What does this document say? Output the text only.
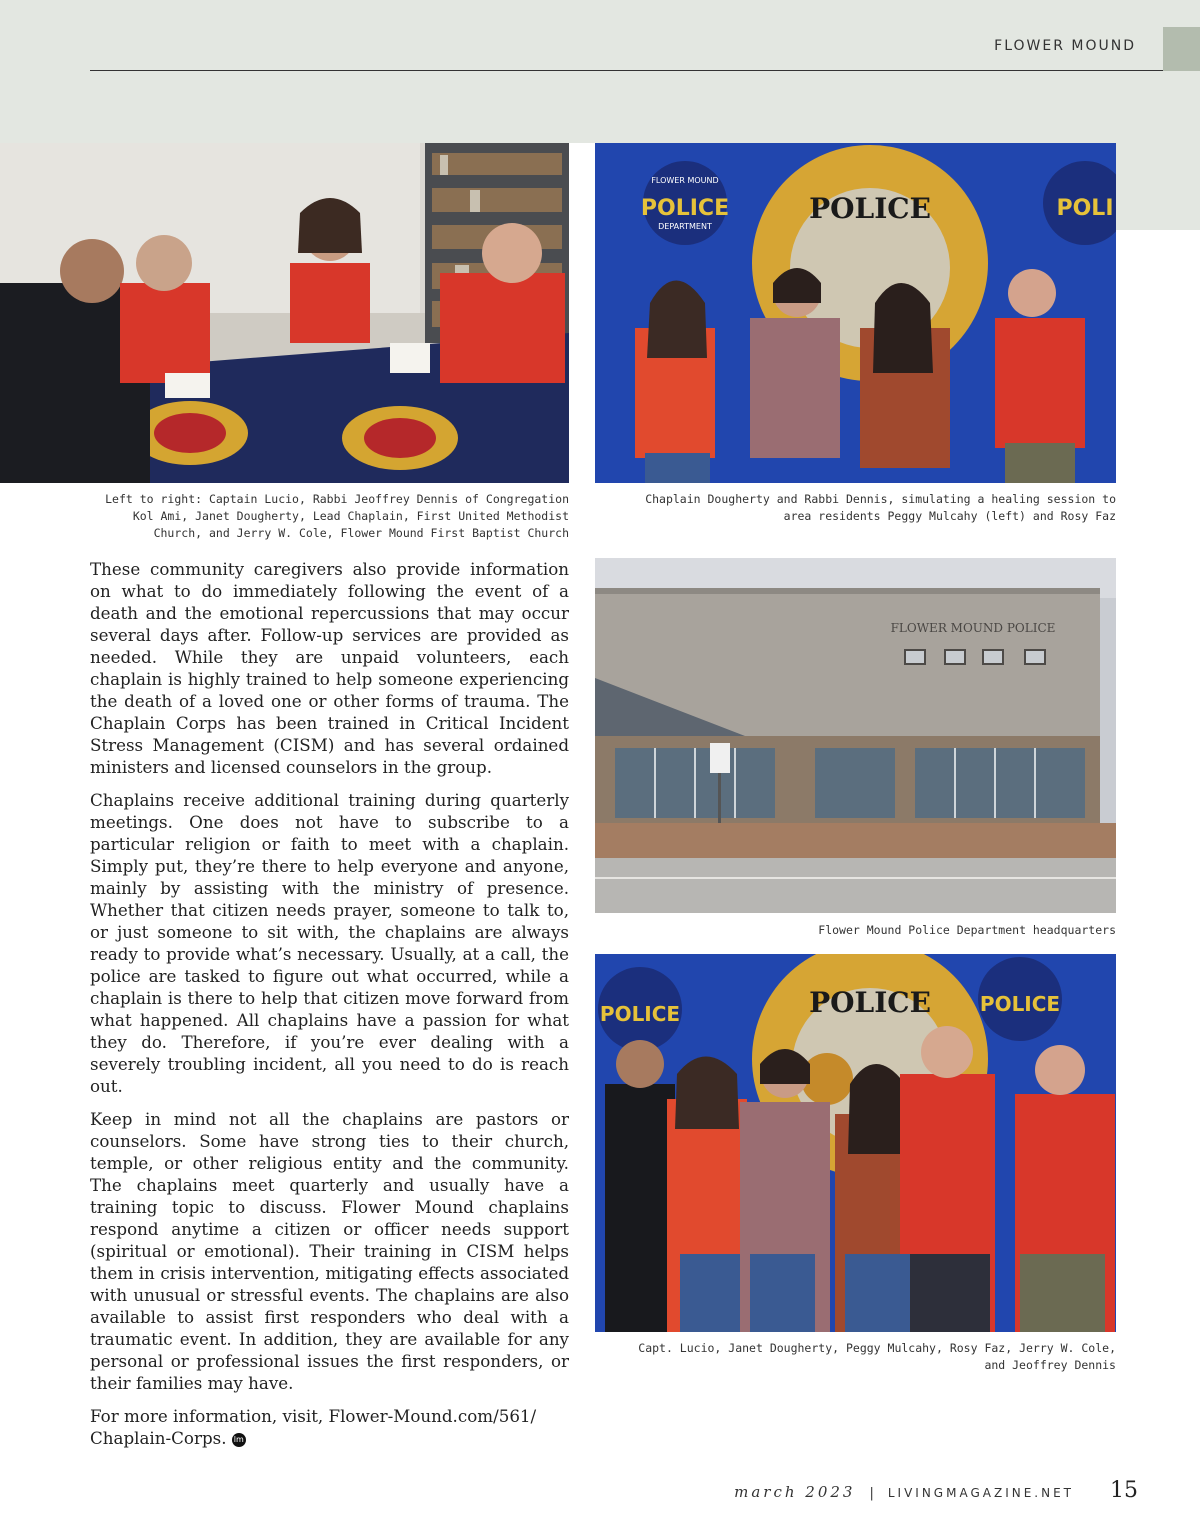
FLOWER MOUND
Left to right: Captain Lucio, Rabbi Jeoffrey Dennis of Congregation Kol Ami, Janet Dougherty, Lead Chaplain, First United Methodist Church, and Jerry W. Cole, Flower Mound First Baptist Church
POLICE
FLOWER MOUND
POLICE
DEPARTMENT
POLI
Chaplain Dougherty and Rabbi Dennis, simulating a healing session to area residents Peggy Mulcahy (left) and Rosy Faz
FLOWER MOUND POLICE
Flower Mound Police Department headquarters
POLICE
POLICE	POLICE
Capt. Lucio, Janet Dougherty, Peggy Mulcahy, Rosy Faz, Jerry W. Cole, and Jeoffrey Dennis

These community caregivers also provide information on what to do immediately following the event of a death and the emotional repercussions that may occur several days after. Follow-up services are provided as needed. While they are unpaid volunteers, each chaplain is highly trained to help someone experiencing the death of a loved one or other forms of trauma. The Chaplain Corps has been trained in Critical Incident Stress Management (CISM) and has several ordained ministers and licensed counselors in the group.

Chaplains receive additional training during quarterly meetings. One does not have to subscribe to a particular religion or faith to meet with a chaplain. Simply put, they’re there to help everyone and anyone, mainly by assisting with the ministry of presence. Whether that citizen needs prayer, someone to talk to, or just someone to sit with, the chaplains are always ready to provide what’s necessary. Usually, at a call, the police are tasked to figure out what occurred, while a chaplain is there to help that citizen move forward from what happened. All chaplains have a passion for what they do. Therefore, if you’re ever dealing with a severely troubling incident, all you need to do is reach out.

Keep in mind not all the chaplains are pastors or counselors. Some have strong ties to their church, temple, or other religious entity and the community. The chaplains meet quarterly and usually have a training topic to discuss. Flower Mound chaplains respond anytime a citizen or officer needs support (spiritual or emotional). Their training in CISM helps them in crisis intervention, mitigating effects associated with unusual or stressful events. The chaplains are also available to assist first responders who deal with a traumatic event. In addition, they are available for any personal or professional issues the first responders, or their families may have.

For more information, visit, Flower-Mound.com/561/ Chaplain-Corps. lm

march 2023 | LIVINGMAGAZINE.NET 15
